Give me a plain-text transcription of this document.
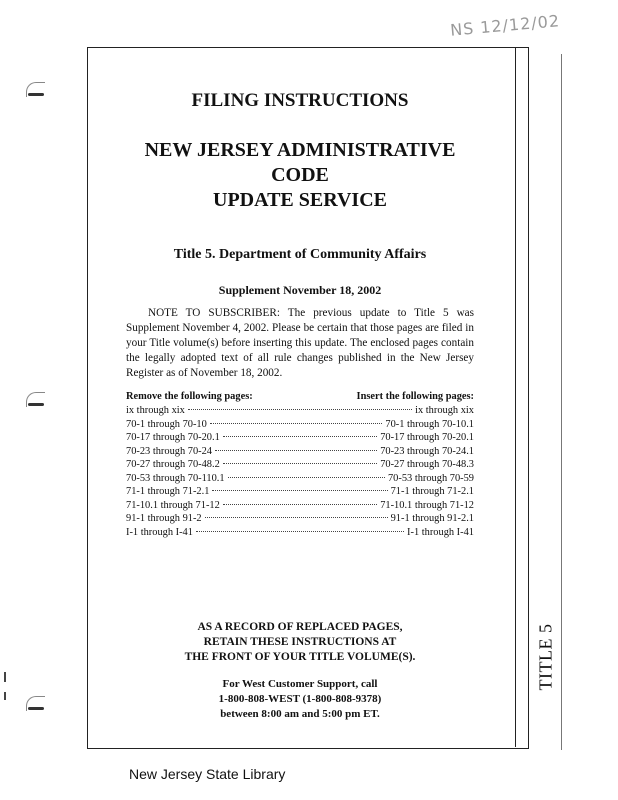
NS 12/12/02
TITLE 5
FILING INSTRUCTIONS
NEW JERSEY ADMINISTRATIVE CODE
UPDATE SERVICE
Title 5. Department of Community Affairs
Supplement November 18, 2002

NOTE TO SUBSCRIBER: The previous update to Title 5 was Supplement November 4, 2002. Please be certain that those pages are filed in your Title volume(s) before inserting this update. The enclosed pages contain the legally adopted text of all rule changes published in the New Jersey Register as of November 18, 2002.

Remove the following pages:	Insert the following pages:
ix through xix	ix through xix
70-1 through 70-10	70-1 through 70-10.1
70-17 through 70-20.1	70-17 through 70-20.1
70-23 through 70-24	70-23 through 70-24.1
70-27 through 70-48.2	70-27 through 70-48.3
70-53 through 70-110.1	70-53 through 70-59
71-1 through 71-2.1	71-1 through 71-2.1
71-10.1 through 71-12	71-10.1 through 71-12
91-1 through 91-2	91-1 through 91-2.1
I-1 through I-41	I-1 through I-41
AS A RECORD OF REPLACED PAGES,
RETAIN THESE INSTRUCTIONS AT
THE FRONT OF YOUR TITLE VOLUME(S).
For West Customer Support, call
1-800-808-WEST (1-800-808-9378)
between 8:00 am and 5:00 pm ET.
New Jersey State Library
